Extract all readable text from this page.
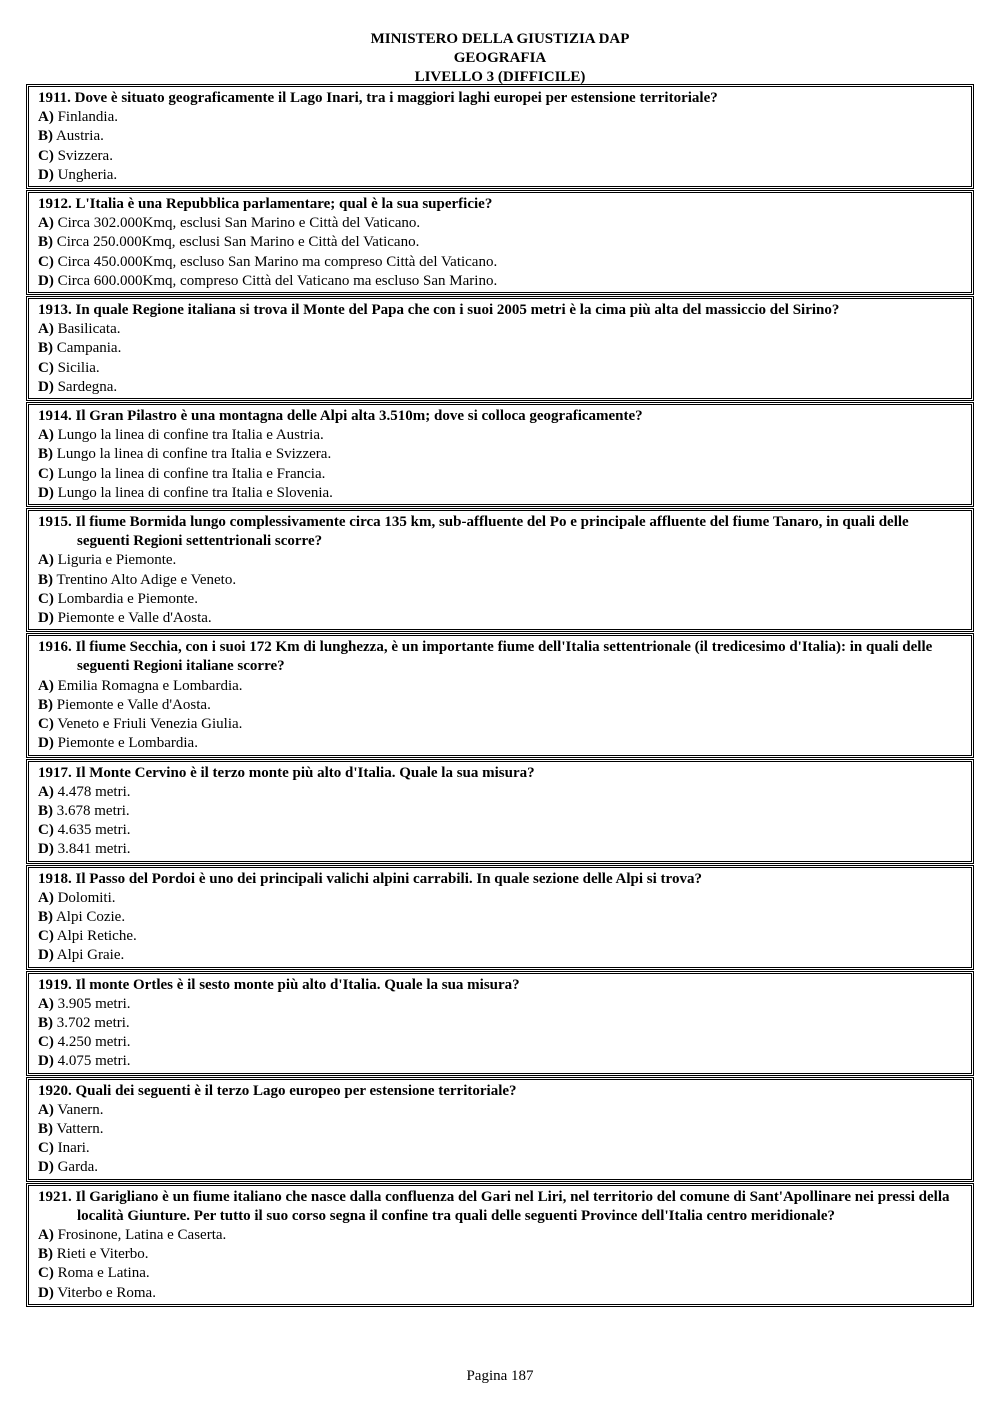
MINISTERO DELLA GIUSTIZIA DAP
GEOGRAFIA
LIVELLO 3 (DIFFICILE)
1911. Dove è situato geograficamente il Lago Inari, tra i maggiori laghi europei per estensione territoriale?
A) Finlandia.
B) Austria.
C) Svizzera.
D) Ungheria.
1912. L'Italia è una Repubblica parlamentare; qual è la sua superficie?
A) Circa 302.000Kmq, esclusi San Marino e Città del Vaticano.
B) Circa 250.000Kmq, esclusi San Marino e Città del Vaticano.
C) Circa 450.000Kmq, escluso San Marino ma compreso Città del Vaticano.
D) Circa 600.000Kmq, compreso Città del Vaticano ma escluso San Marino.
1913. In quale Regione italiana si trova il Monte del Papa che con i suoi 2005 metri è la cima più alta del massiccio del Sirino?
A) Basilicata.
B) Campania.
C) Sicilia.
D) Sardegna.
1914. Il Gran Pilastro è una montagna delle Alpi alta 3.510m; dove si colloca geograficamente?
A) Lungo la linea di confine tra Italia e Austria.
B) Lungo la linea di confine tra Italia e Svizzera.
C) Lungo la linea di confine tra Italia e Francia.
D) Lungo la linea di confine tra Italia e Slovenia.
1915. Il fiume Bormida lungo complessivamente circa 135 km, sub-affluente del Po e principale affluente del fiume Tanaro, in quali delle seguenti Regioni settentrionali scorre?
A) Liguria e Piemonte.
B) Trentino Alto Adige e Veneto.
C) Lombardia e Piemonte.
D) Piemonte e Valle d'Aosta.
1916. Il fiume Secchia, con i suoi 172 Km di lunghezza, è un importante fiume dell'Italia settentrionale (il tredicesimo d'Italia): in quali delle seguenti Regioni italiane scorre?
A) Emilia Romagna e Lombardia.
B) Piemonte e Valle d'Aosta.
C) Veneto e Friuli Venezia Giulia.
D) Piemonte e Lombardia.
1917. Il Monte Cervino è il terzo monte più alto d'Italia. Quale la sua misura?
A) 4.478 metri.
B) 3.678 metri.
C) 4.635 metri.
D) 3.841 metri.
1918. Il Passo del Pordoi è uno dei principali valichi alpini carrabili. In quale sezione delle Alpi si trova?
A) Dolomiti.
B) Alpi Cozie.
C) Alpi Retiche.
D) Alpi Graie.
1919. Il monte Ortles è il sesto monte più alto d'Italia. Quale la sua misura?
A) 3.905 metri.
B) 3.702 metri.
C) 4.250 metri.
D) 4.075 metri.
1920. Quali dei seguenti è il terzo Lago europeo per estensione territoriale?
A) Vanern.
B) Vattern.
C) Inari.
D) Garda.
1921. Il Garigliano è un fiume italiano che nasce dalla confluenza del Gari nel Liri, nel territorio del comune di Sant'Apollinare nei pressi della località Giunture. Per tutto il suo corso segna il confine tra quali delle seguenti Province dell'Italia centro meridionale?
A) Frosinone, Latina e Caserta.
B) Rieti e Viterbo.
C) Roma e Latina.
D) Viterbo e Roma.
Pagina 187
